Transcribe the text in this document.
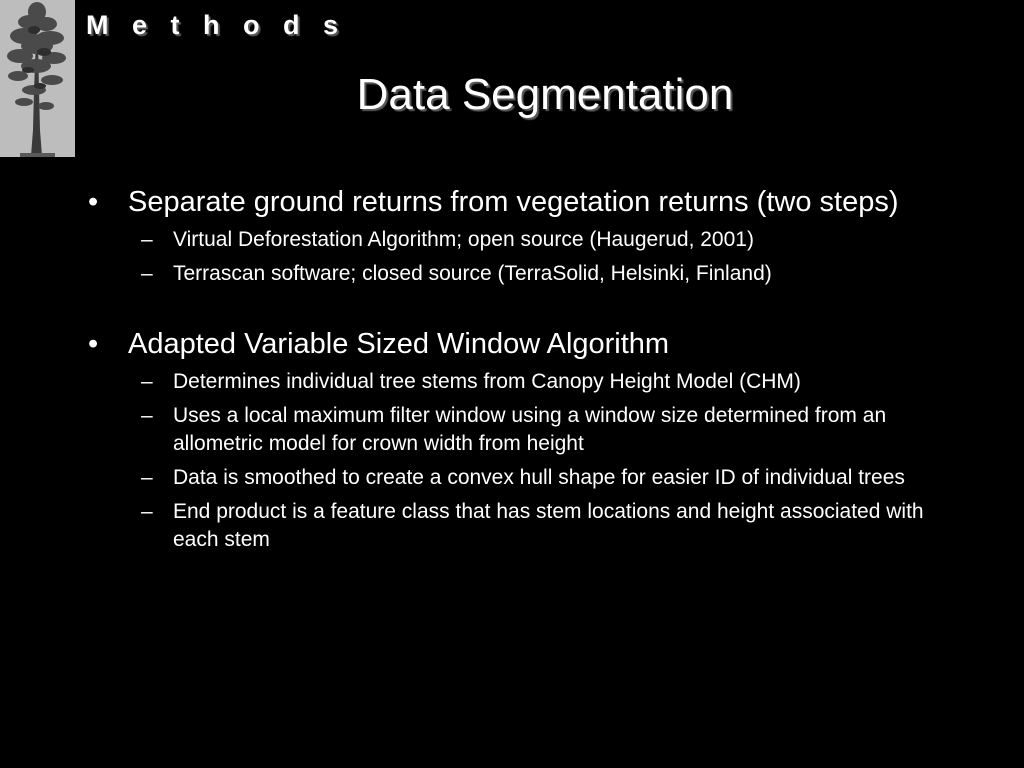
M e t h o d s
Data Segmentation
• Separate ground returns from vegetation returns (two steps)
– Virtual Deforestation Algorithm; open source (Haugerud, 2001)
– Terrascan software; closed source (TerraSolid, Helsinki, Finland)
• Adapted Variable Sized Window Algorithm
– Determines individual tree stems from Canopy Height Model (CHM)
– Uses a local maximum filter window using a window size determined from an allometric model for crown width from height
– Data is smoothed to create a convex hull shape for easier ID of individual trees
– End product is a feature class that has stem locations and height associated with each stem
